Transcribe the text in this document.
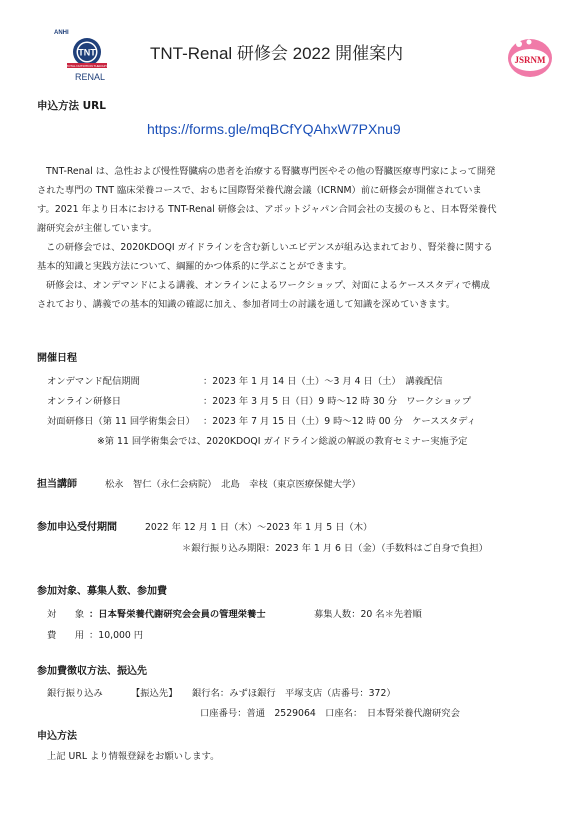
ANHI
TNT
TOTAL NUTRITION THERAPY
RENAL
TNT-Renal 研修会 2022 開催案内	JSRNM
申込方法 URL
https://forms.gle/mqBCfYQAhxW7PXnu9
TNT-Renal は、急性および慢性腎臓病の患者を治療する腎臓専門医やその他の腎臓医療専門家によって開発
された専門の TNT 臨床栄養コースで、おもに国際腎栄養代謝会議（ICRNM）前に研修会が開催されていま
す。2021 年より日本における TNT-Renal 研修会は、アボットジャパン合同会社の支援のもと、日本腎栄養代
謝研究会が主催しています。
この研修会では、2020KDOQI ガイドラインを含む新しいエビデンスが組み込まれており、腎栄養に関する
基本的知識と実践方法について、綱羅的かつ体系的に学ぶことができます。
研修会は、オンデマンドによる講義、オンラインによるワークショップ、対面によるケーススタディで構成
されており、講義での基本的知識の確認に加え、参加者同士の討議を通して知識を深めていきます。
開催日程
オンデマンド配信期間	：2023 年 1 月 14 日（土）～3 月 4 日（土）　講義配信
オンライン研修日	：2023 年 3 月 5 日（日）9 時～12 時 30 分　ワークショップ
対面研修日（第 11 回学術集会日） ：2023 年 7 月 15 日（土）9 時～12 時 00 分　ケーススタディ
※第 11 回学術集会では、2020KDOQI ガイドライン総説の解説の教育セミナー実施予定
担当講師	松永　智仁（永仁会病院）　北島　幸枝（東京医療保健大学）
参加申込受付期間	2022 年 12 月 1 日（木）～2023 年 1 月 5 日（木）
＊銀行振り込み期限：2023 年 1 月 6 日（金）（手数料はご自身で負担）
参加対象、募集人数、参加費
対　　象 ：日本腎栄養代謝研究会会員の管理栄養士	募集人数：20 名＊先着順
費　　用 ：10,000 円
参加費徴収方法、振込先
銀行振り込み	【振込先】 銀行名：みずほ銀行　平塚支店（店番号：372）
口座番号：普通　2529064　口座名：　日本腎栄養代謝研究会
申込方法
上記 URL より情報登録をお願いします。
